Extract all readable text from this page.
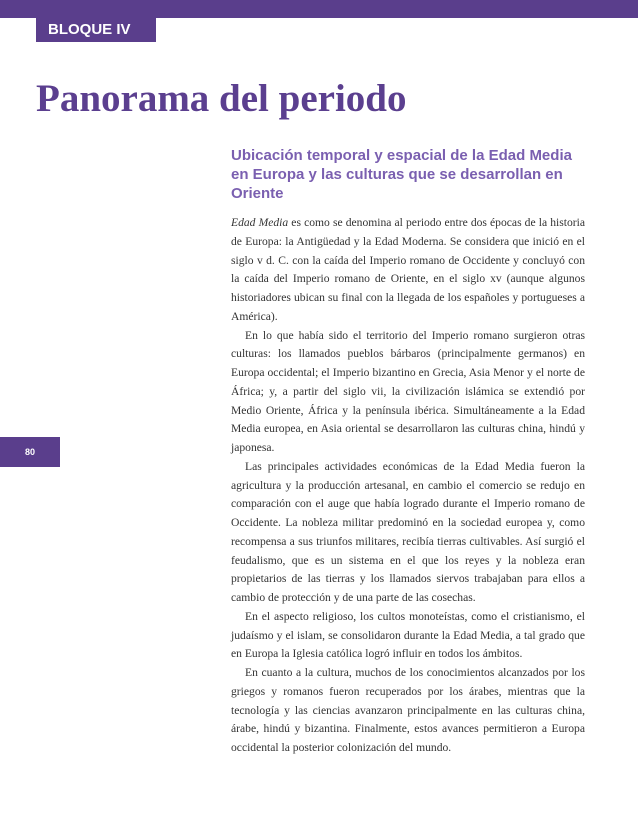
BLOQUE IV
Panorama del periodo
Ubicación temporal y espacial de la Edad Media en Europa y las culturas que se desarrollan en Oriente
80

Edad Media es como se denomina al periodo entre dos épocas de la historia de Europa: la Antigüedad y la Edad Moderna. Se considera que inició en el siglo v d. C. con la caída del Imperio romano de Occidente y concluyó con la caída del Imperio romano de Oriente, en el siglo xv (aunque algunos historiadores ubican su final con la llegada de los españoles y portugueses a América).

En lo que había sido el territorio del Imperio romano surgieron otras culturas: los llamados pueblos bárbaros (principalmente germanos) en Europa occidental; el Imperio bizantino en Grecia, Asia Menor y el norte de África; y, a partir del siglo vii, la civilización islámica se extendió por Medio Oriente, África y la península ibérica. Simultáneamente a la Edad Media europea, en Asia oriental se desarrollaron las culturas china, hindú y japonesa.

Las principales actividades económicas de la Edad Media fueron la agricultura y la producción artesanal, en cambio el comercio se redujo en comparación con el auge que había logrado durante el Imperio romano de Occidente. La nobleza militar predominó en la sociedad europea y, como recompensa a sus triunfos militares, recibía tierras cultivables. Así surgió el feudalismo, que es un sistema en el que los reyes y la nobleza eran propietarios de las tierras y los llamados siervos trabajaban para ellos a cambio de protección y de una parte de las cosechas.

En el aspecto religioso, los cultos monoteístas, como el cristianismo, el judaísmo y el islam, se consolidaron durante la Edad Media, a tal grado que en Europa la Iglesia católica logró influir en todos los ámbitos.

En cuanto a la cultura, muchos de los conocimientos alcanzados por los griegos y romanos fueron recuperados por los árabes, mientras que la tecnología y las ciencias avanzaron principalmente en las culturas china, árabe, hindú y bizantina. Finalmente, estos avances permitieron a Europa occidental la posterior colonización del mundo.
